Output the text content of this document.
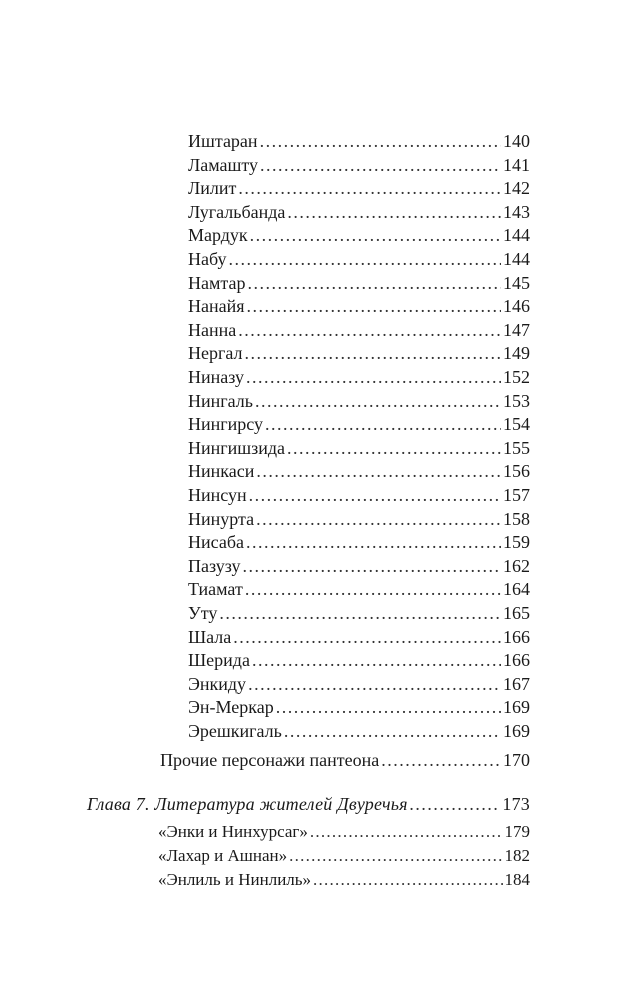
Иштаран . . .	140
Ламашту . . .	141
Лилит . . .	142
Лугальбанда . . .	143
Мардук . . .	144
Набу . . .	144
Намтар . . .	145
Нанайя . . .	146
Нанна . . .	147
Нергал . . .	149
Ниназу . . .	152
Нингаль . . .	153
Нингирсу . . .	154
Нингишзида . . .	155
Нинкаси . . .	156
Нинсун . . .	157
Нинурта . . .	158
Нисаба . . .	159
Пазузу . . .	162
Тиамат . . .	164
Уту . . .	165
Шала . . .	166
Шерида . . .	166
Энкиду . . .	167
Эн-Меркар . . .	169
Эрешкигаль . . .	169
Прочие персонажи пантеона . . .	170
Глава 7. Литература жителей Двуречья . . .	173
«Энки и Нинхурсаг» . . .	179
«Лахар и Ашнан» . . .	182
«Энлиль и Нинлиль» . . .	184
